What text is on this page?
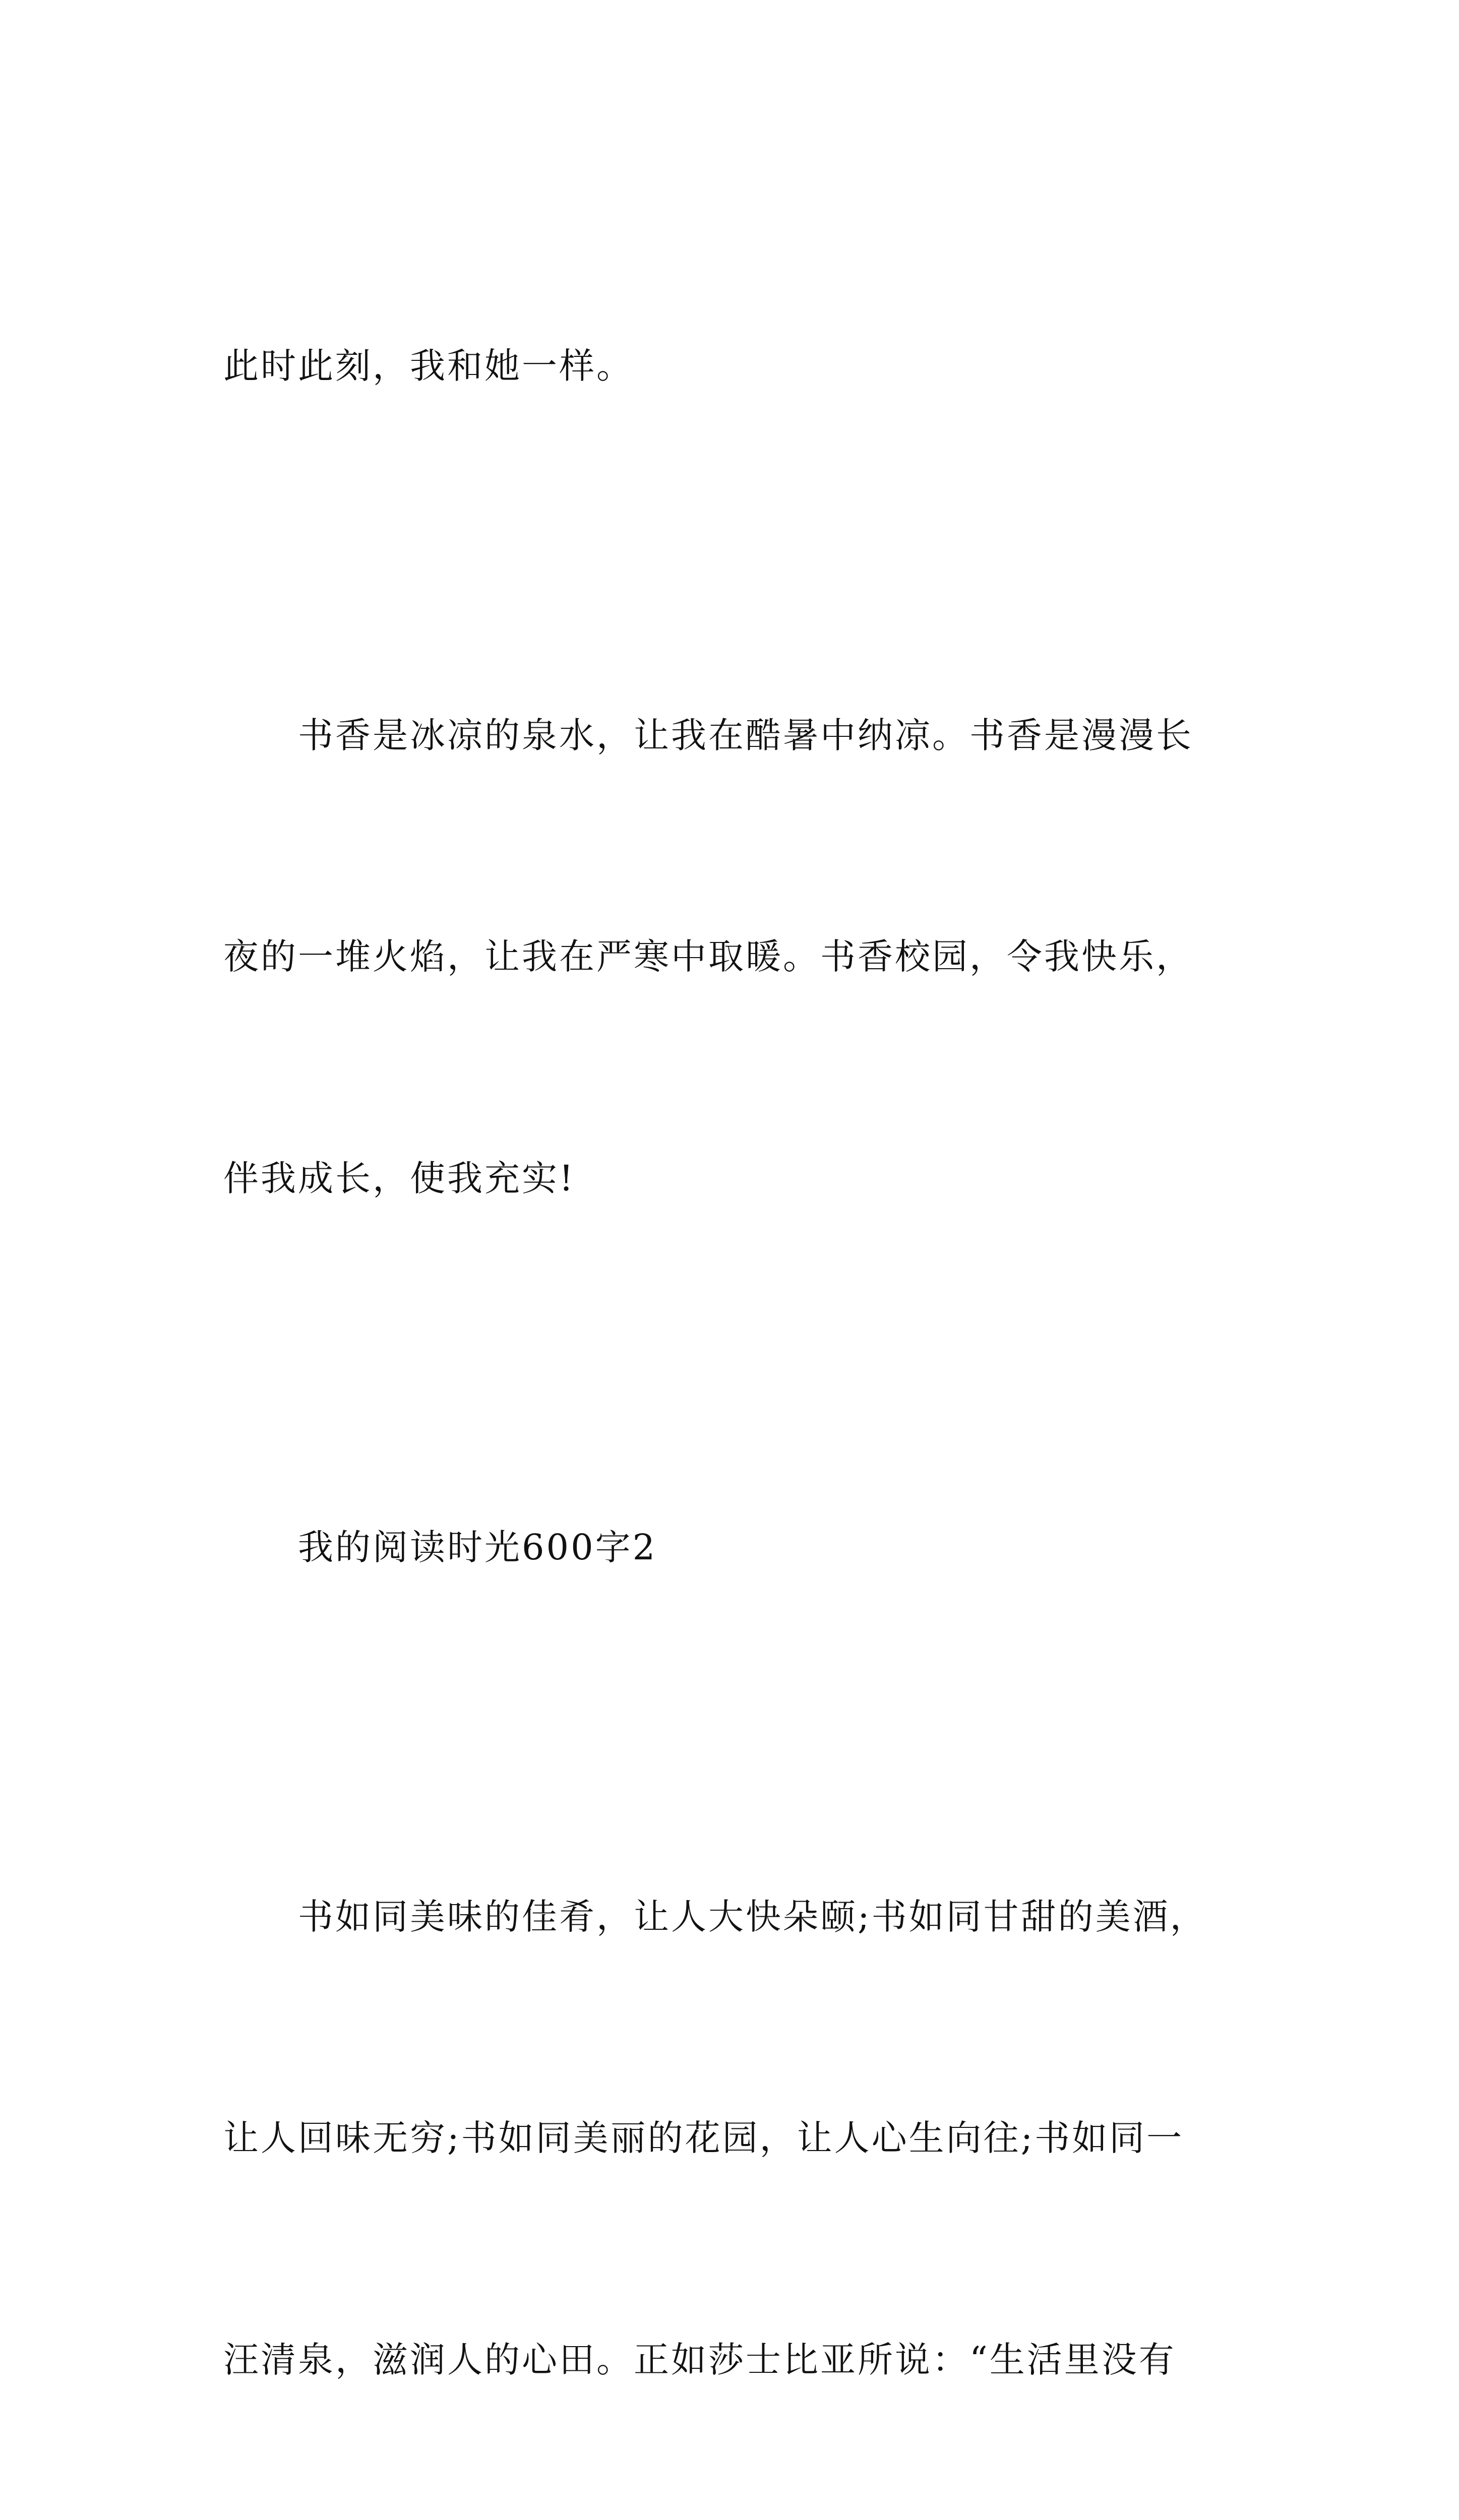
此时此刻，我和她一样。

书香是冰凉的泉水，让我在酷暑中纳凉。书香是漫漫长

夜的一堆火焰，让我在严寒中取暖。书香校园，令我快乐，

伴我成长，使我充实!

我的阅读时光600字2

书如同美味的佳肴，让人大快朵颐;书如同甘甜的美酒，

让人回味无穷;书如同美丽的花园，让人心生向往;书如同一

汪清泉，滋润人的心田。正如莎士比亚所说：“生活里没有
